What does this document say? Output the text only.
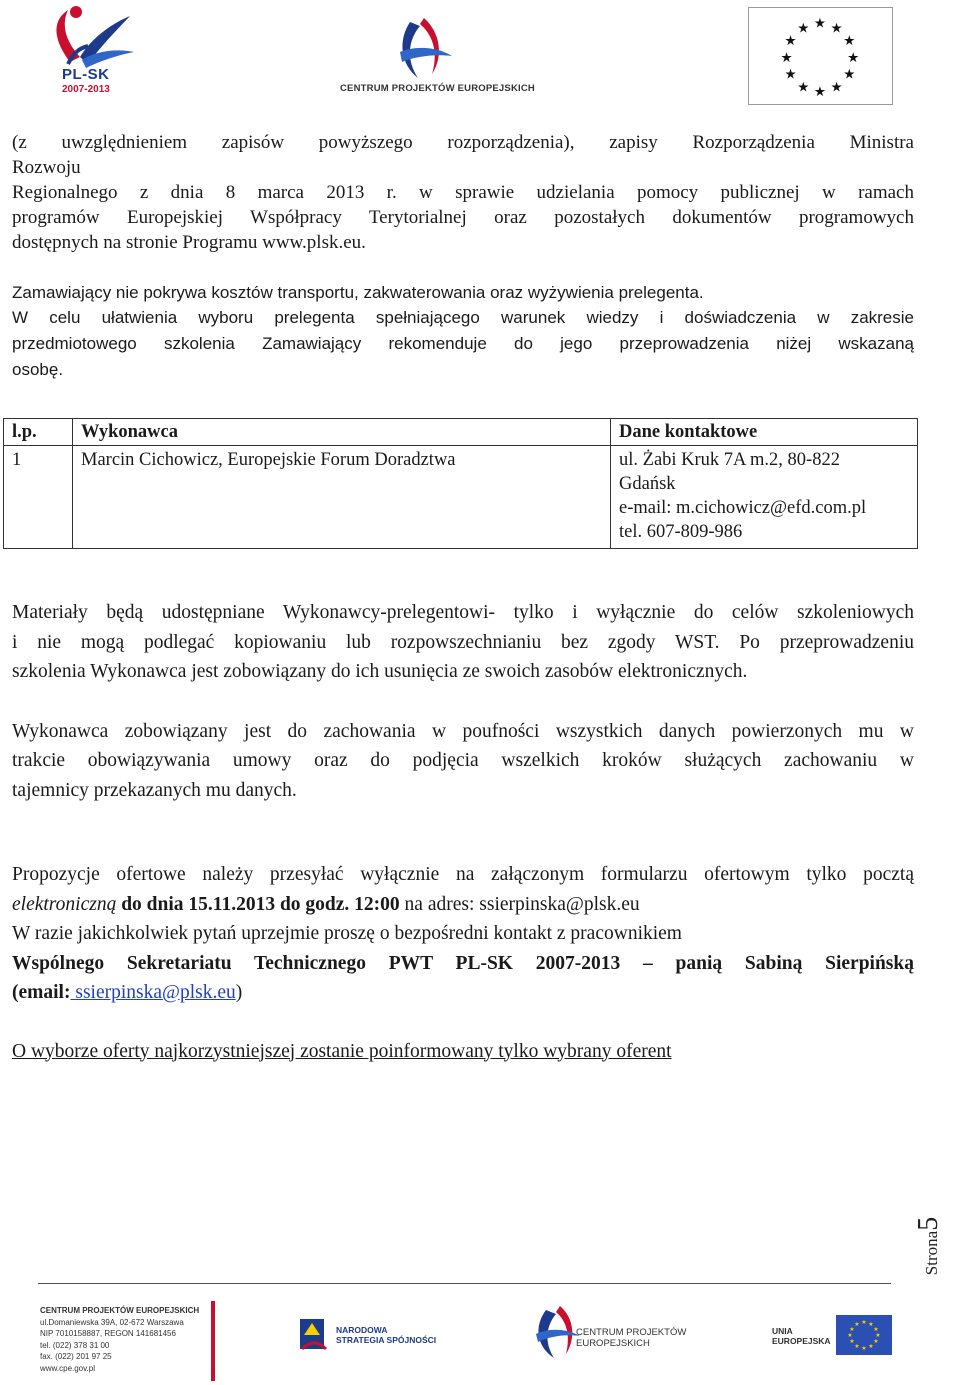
PL-SK
2007-2013	CENTRUM PROJEKTÓW EUROPEJSKICH
★ ★
★
★
★
★
★
★
★
★
★
★

(z uwzględnieniem zapisów powyższego rozporządzenia), zapisy Rozporządzenia Ministra
Rozwoju
Regionalnego z dnia 8 marca 2013 r. w sprawie udzielania pomocy publicznej w ramach
programów Europejskiej Współpracy Terytorialnej oraz pozostałych dokumentów programowych
dostępnych na stronie Programu www.plsk.eu.

Zamawiający nie pokrywa kosztów transportu, zakwaterowania oraz wyżywienia prelegenta.

W celu ułatwienia wyboru prelegenta spełniającego warunek wiedzy i doświadczenia w zakresie
przedmiotowego szkolenia Zamawiający rekomenduje do jego przeprowadzenia niżej wskazaną
osobę.

l.p.	Wykonawca	Dane kontaktowe
1	Marcin Cichowicz, Europejskie Forum Doradztwa	ul. Żabi Kruk 7A m.2, 80-822
Gdańsk
e-mail: m.cichowicz@efd.com.pl
tel. 607-809-986

Materiały będą udostępniane Wykonawcy-prelegentowi- tylko i wyłącznie do celów szkoleniowych
i nie mogą podlegać kopiowaniu lub rozpowszechnianiu bez zgody WST. Po przeprowadzeniu
szkolenia Wykonawca jest zobowiązany do ich usunięcia ze swoich zasobów elektronicznych.

Wykonawca zobowiązany jest do zachowania w poufności wszystkich danych powierzonych mu w
trakcie obowiązywania umowy oraz do podjęcia wszelkich kroków służących zachowaniu w
tajemnicy przekazanych mu danych.

Propozycje ofertowe należy przesyłać wyłącznie na załączonym formularzu ofertowym tylko pocztą
elektroniczną do dnia 15.11.2013 do godz. 12:00 na adres: ssierpinska@plsk.eu
W razie jakichkolwiek pytań uprzejmie proszę o bezpośredni kontakt z pracownikiem
Wspólnego Sekretariatu Technicznego PWT PL-SK 2007-2013 – panią Sabiną Sierpińską
(email: ssierpinska@plsk.eu)

O wyborze oferty najkorzystniejszej zostanie poinformowany tylko wybrany oferent

Strona5
CENTRUM PROJEKTÓW EUROPEJSKICH
ul.Domaniewska 39A, 02-672 Warszawa
NIP 7010158887, REGON 141681456
tel. (022) 378 31 00
fax. (022) 201 97 25
www.cpe.gov.pl
NARODOWA
STRATEGIA SPÓJNOŚCI
CENTRUM PROJEKTÓW
EUROPEJSKICH
UNIA
EUROPEJSKA
★ ★
★
★
★
★
★
★
★
★
★
★
